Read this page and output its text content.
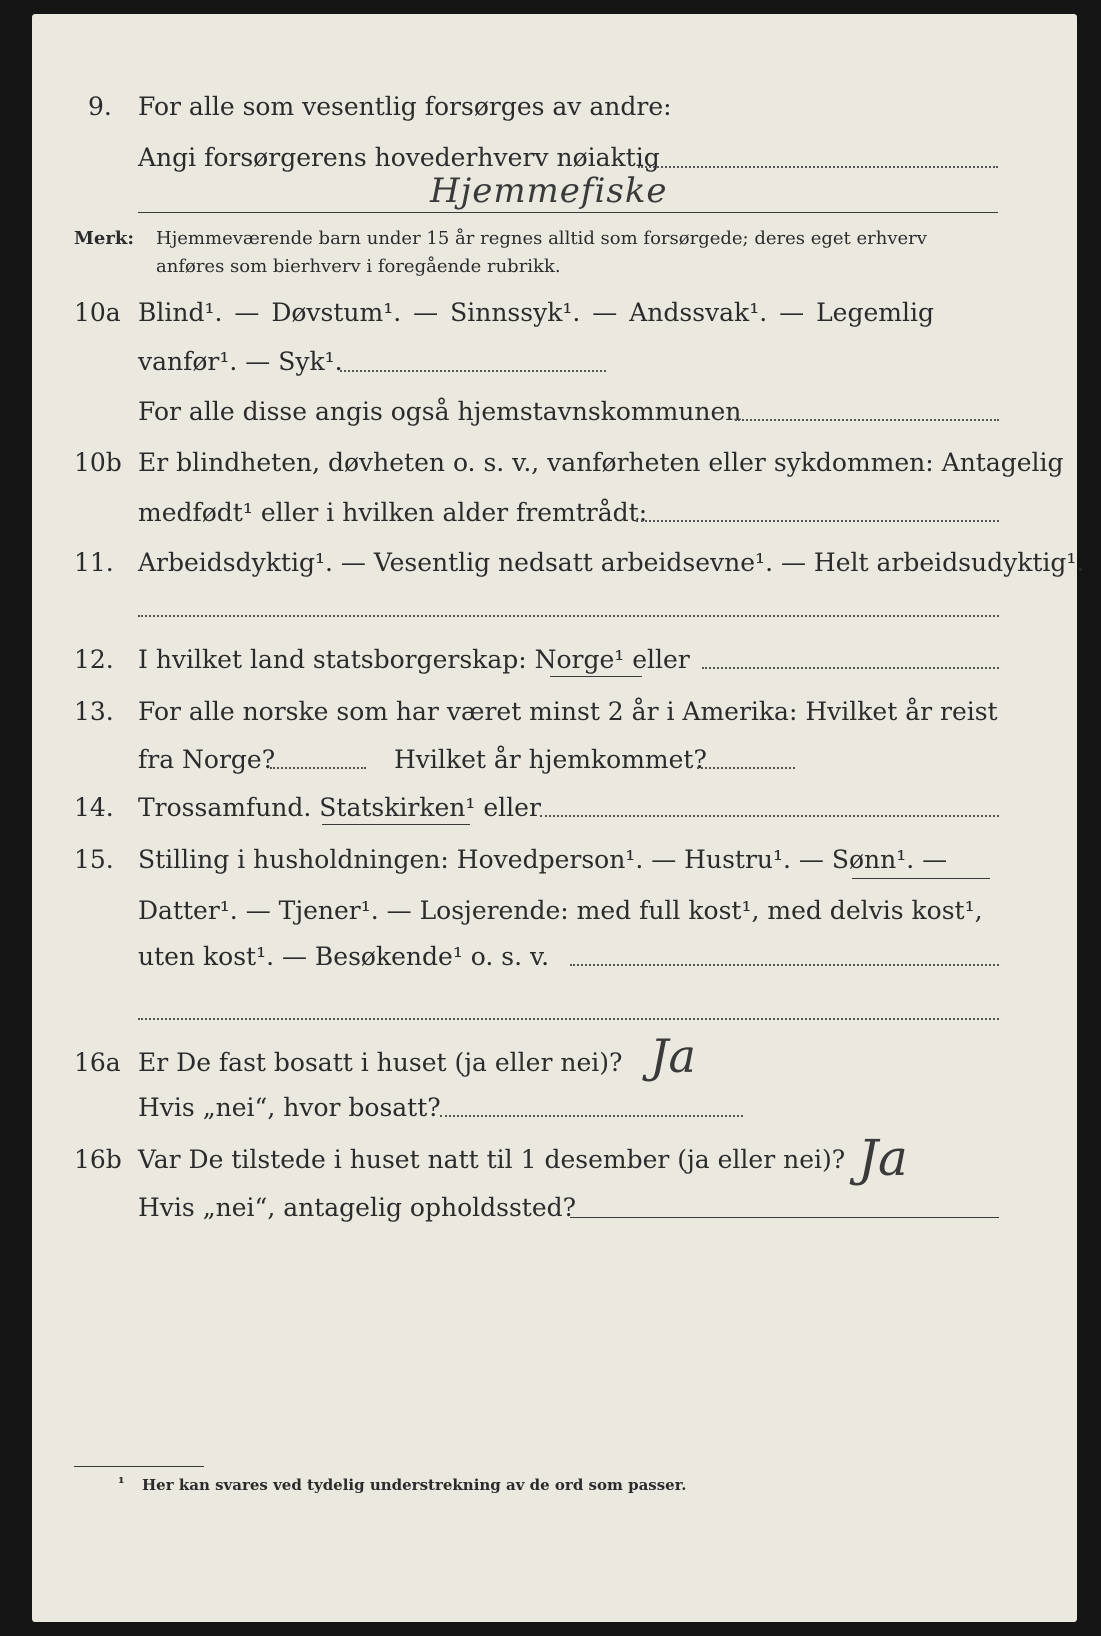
9. For alle som vesentlig forsørges av andre:
Angi forsørgerens hovederhverv nøiaktig
Hjemmefiske
Merk: Hjemmeværende barn under 15 år regnes alltid som forsørgede; deres eget erhverv
anføres som bierhverv i foregående rubrikk.
10a Blind¹. — Døvstum¹. — Sinnssyk¹. — Andssvak¹. — Legemlig
vanfør¹. — Syk¹.
For alle disse angis også hjemstavnskommunen
10b Er blindheten, døvheten o. s. v., vanførheten eller sykdommen: Antagelig
medfødt¹ eller i hvilken alder fremtrådt:
11. Arbeidsdyktig¹. — Vesentlig nedsatt arbeidsevne¹. — Helt arbeidsudyktig¹.
12. I hvilket land statsborgerskap: Norge¹ eller
13. For alle norske som har været minst 2 år i Amerika: Hvilket år reist
fra Norge?	Hvilket år hjemkommet?
14. Trossamfund. Statskirken¹ eller
15. Stilling i husholdningen: Hovedperson¹. — Hustru¹. — Sønn¹. —
Datter¹. — Tjener¹. — Losjerende: med full kost¹, med delvis kost¹,
uten kost¹. — Besøkende¹ o. s. v.
16a Er De fast bosatt i huset (ja eller nei)?
Hvis „nei“, hvor bosatt?
Ja
16b Var De tilstede i huset natt til 1 desember (ja eller nei)?
Hvis „nei“, antagelig opholdssted?
Ja
¹ Her kan svares ved tydelig understrekning av de ord som passer.
